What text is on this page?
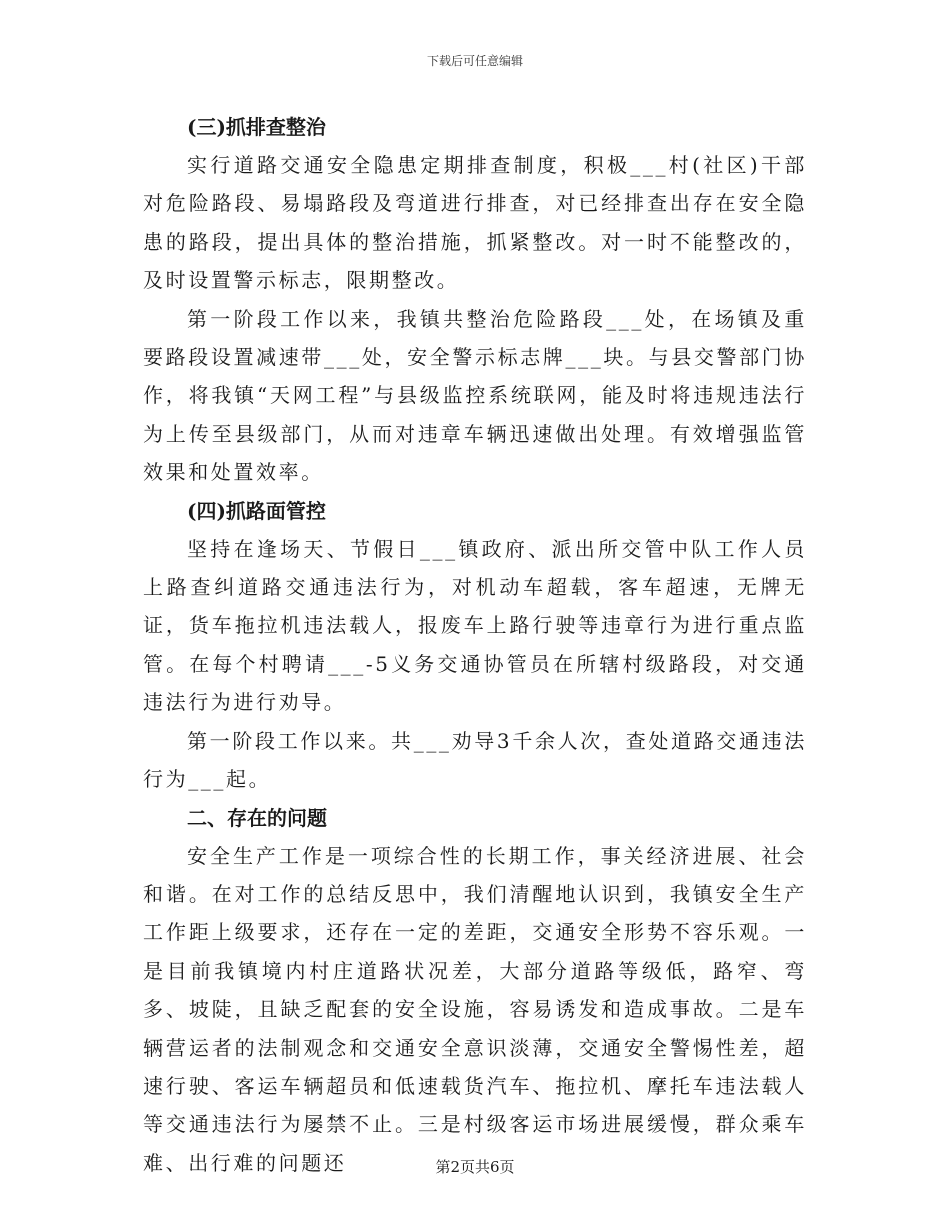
下载后可任意编辑
(三)抓排查整治

实行道路交通安全隐患定期排查制度，积极___村(社区)干部对危险路段、易塌路段及弯道进行排查，对已经排查出存在安全隐患的路段，提出具体的整治措施，抓紧整改。对一时不能整改的，及时设置警示标志，限期整改。

第一阶段工作以来，我镇共整治危险路段___处，在场镇及重要路段设置减速带___处，安全警示标志牌___块。与县交警部门协作，将我镇“天网工程”与县级监控系统联网，能及时将违规违法行为上传至县级部门，从而对违章车辆迅速做出处理。有效增强监管效果和处置效率。

(四)抓路面管控

坚持在逢场天、节假日___镇政府、派出所交管中队工作人员上路查纠道路交通违法行为，对机动车超载，客车超速，无牌无证，货车拖拉机违法载人，报废车上路行驶等违章行为进行重点监管。在每个村聘请___-5义务交通协管员在所辖村级路段，对交通违法行为进行劝导。

第一阶段工作以来。共___劝导3千余人次，查处道路交通违法行为___起。

二、存在的问题

安全生产工作是一项综合性的长期工作，事关经济进展、社会和谐。在对工作的总结反思中，我们清醒地认识到，我镇安全生产工作距上级要求，还存在一定的差距，交通安全形势不容乐观。一是目前我镇境内村庄道路状况差，大部分道路等级低，路窄、弯多、坡陡，且缺乏配套的安全设施，容易诱发和造成事故。二是车辆营运者的法制观念和交通安全意识淡薄，交通安全警惕性差，超速行驶、客运车辆超员和低速载货汽车、拖拉机、摩托车违法载人等交通违法行为屡禁不止。三是村级客运市场进展缓慢，群众乘车难、出行难的问题还	第2页共6页
